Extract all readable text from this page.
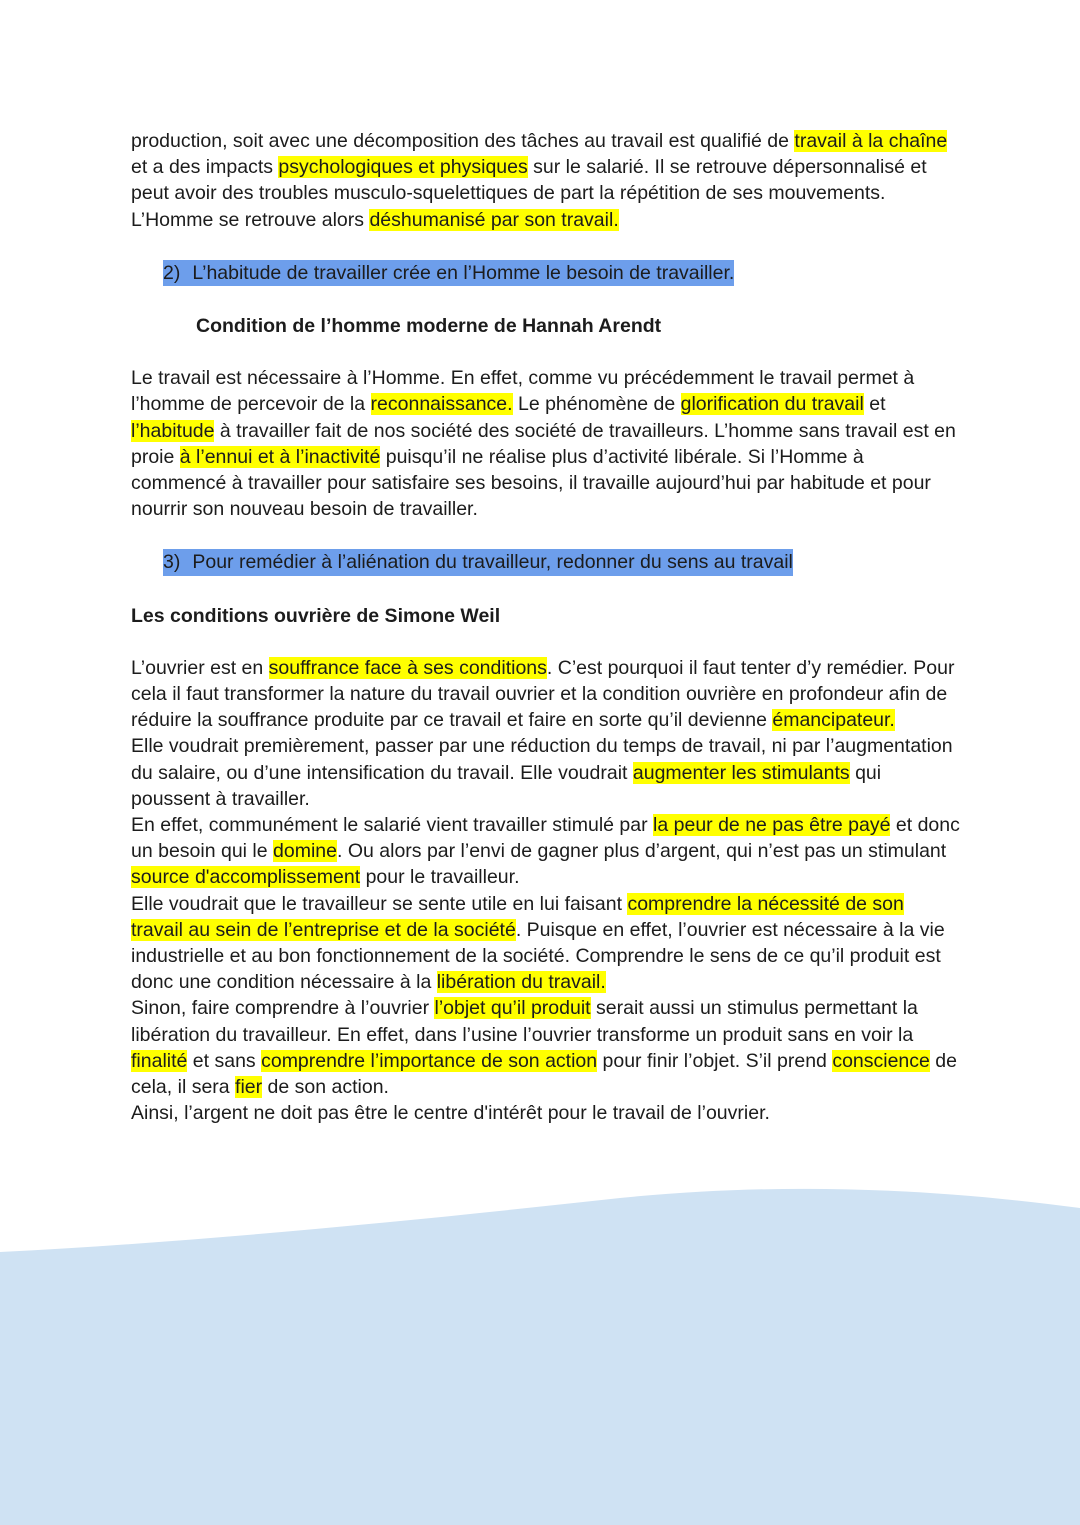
production, soit avec une décomposition des tâches au travail est qualifié de travail à la chaîne et a des impacts psychologiques et physiques sur le salarié. Il se retrouve dépersonnalisé et peut avoir des troubles musculo-squelettiques de part la répétition de ses mouvements. L’Homme se retrouve alors déshumanisé par son travail.

2) L’habitude de travailler crée en l’Homme le besoin de travailler.

Condition de l’homme moderne de Hannah Arendt

Le travail est nécessaire à l’Homme. En effet, comme vu précédemment le travail permet à l’homme de percevoir de la reconnaissance. Le phénomène de glorification du travail et l’habitude à travailler fait de nos société des société de travailleurs. L’homme sans travail est en proie à l’ennui et à l’inactivité puisqu’il ne réalise plus d’activité libérale. Si l’Homme à commencé à travailler pour satisfaire ses besoins, il travaille aujourd’hui par habitude et pour nourrir son nouveau besoin de travailler.

3) Pour remédier à l’aliénation du travailleur, redonner du sens au travail

Les conditions ouvrière de Simone Weil

L’ouvrier est en souffrance face à ses conditions. C’est pourquoi il faut tenter d’y remédier. Pour cela il faut transformer la nature du travail ouvrier et la condition ouvrière en profondeur afin de réduire la souffrance produite par ce travail et faire en sorte qu’il devienne émancipateur.
Elle voudrait premièrement, passer par une réduction du temps de travail, ni par l’augmentation du salaire, ou d’une intensification du travail. Elle voudrait augmenter les stimulants qui poussent à travailler.
En effet, communément le salarié vient travailler stimulé par la peur de ne pas être payé et donc un besoin qui le domine. Ou alors par l’envi de gagner plus d’argent, qui n’est pas un stimulant source d'accomplissement pour le travailleur.
Elle voudrait que le travailleur se sente utile en lui faisant comprendre la nécessité de son travail au sein de l’entreprise et de la société. Puisque en effet, l’ouvrier est nécessaire à la vie industrielle et au bon fonctionnement de la société. Comprendre le sens de ce qu’il produit est donc une condition nécessaire à la libération du travail.
Sinon, faire comprendre à l’ouvrier l’objet qu’il produit serait aussi un stimulus permettant la libération du travailleur. En effet, dans l’usine l’ouvrier transforme un produit sans en voir la finalité et sans comprendre l’importance de son action pour finir l’objet. S’il prend conscience de cela, il sera fier de son action.
Ainsi, l’argent ne doit pas être le centre d'intérêt pour le travail de l’ouvrier.
